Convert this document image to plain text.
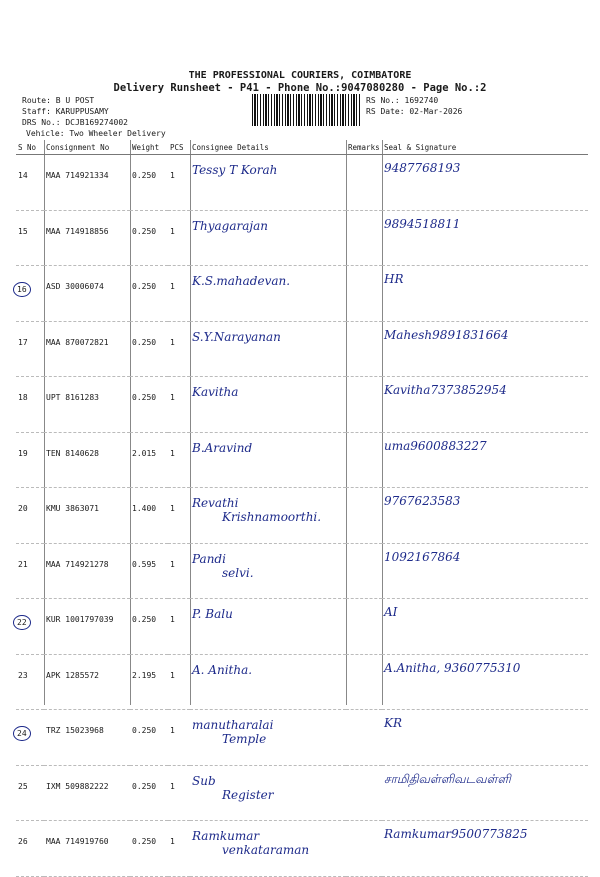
THE PROFESSIONAL COURIERS, COIMBATORE
Delivery Runsheet - P41 - Phone No.:9047080280 - Page No.:2
Route: B U POST
Staff: KARUPPUSAMY
DRS No.: DCJB169274002
Vehicle: Two Wheeler Delivery
RS No.: 1692740
RS Date: 02-Mar-2026
S No	Consignment No	Weight	PCS	Consignee Details	Remarks	Seal & Signature
14	MAA 714921334	0.250	1	Tessy T Korah		9487768193
15	MAA 714918856	0.250	1	Thyagarajan		9894518811
16	ASD 30006074	0.250	1	K.S.mahadevan.		HR
17	MAA 870072821	0.250	1	S.Y.Narayanan		Mahesh9891831664
18	UPT 8161283	0.250	1	Kavitha		Kavitha7373852954
19	TEN 8140628	2.015	1	B.Aravind		uma9600883227
20	KMU 3863071	1.400	1	Revathi
Krishnamoorthi.		9767623583
21	MAA 714921278	0.595	1	Pandi
selvi.		1092167864
22	KUR 1001797039	0.250	1	P. Balu		AI
23	APK 1285572	2.195	1	A. Anitha.		A.Anitha, 9360775310
24	TRZ 15023968	0.250	1	manutharalai
Temple		KR
25	IXM 509882222	0.250	1	Sub
Register		சாமிதிவள்ளிவடவள்ளி
26	MAA 714919760	0.250	1	Ramkumar
venkataraman		Ramkumar9500773825
